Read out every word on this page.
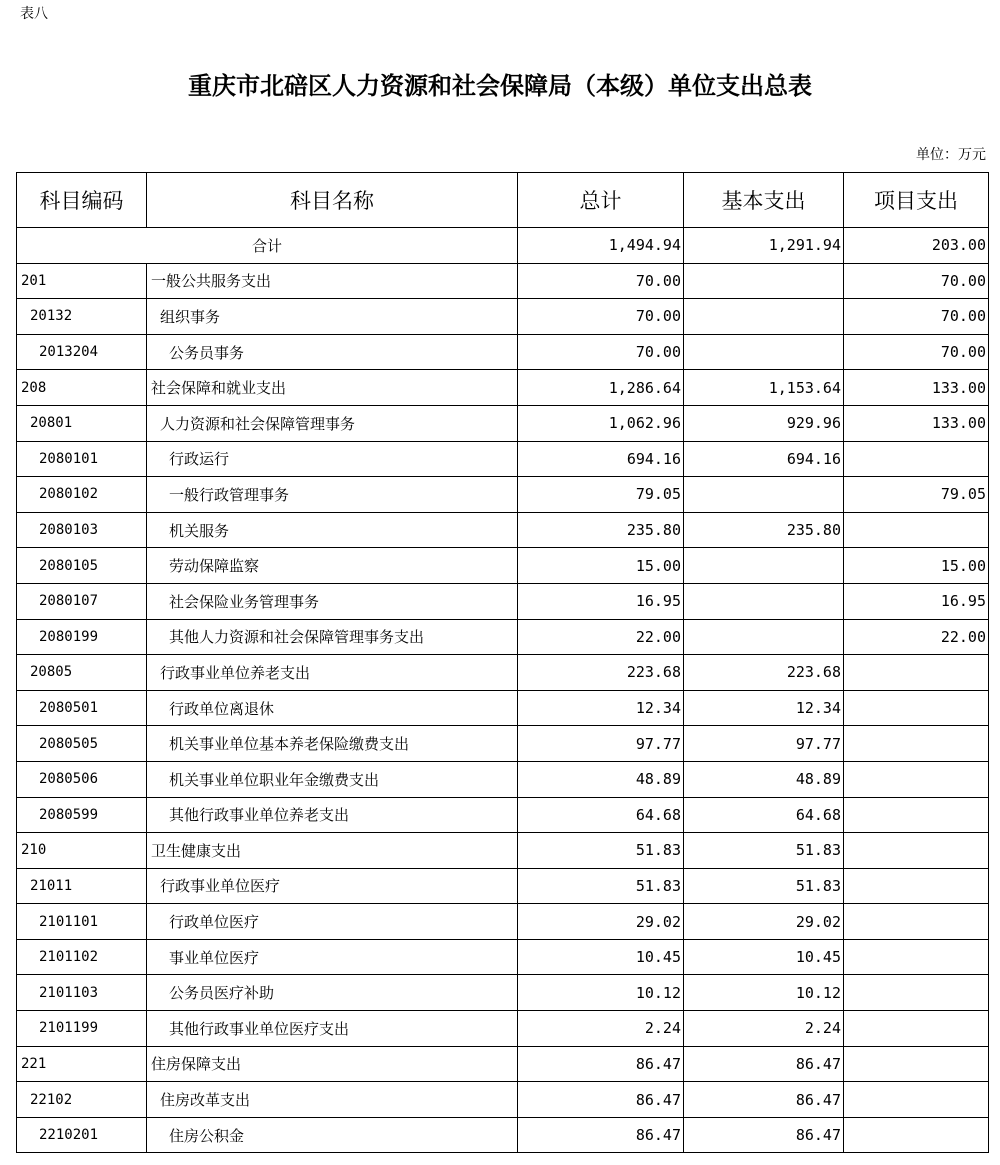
表八
重庆市北碚区人力资源和社会保障局（本级）单位支出总表
单位：万元
科目编码	科目名称	总计	基本支出	项目支出
合计		1,494.94	1,291.94	203.00
201	一般公共服务支出	70.00		70.00
20132	组织事务	70.00		70.00
2013204	公务员事务	70.00		70.00
208	社会保障和就业支出	1,286.64	1,153.64	133.00
20801	人力资源和社会保障管理事务	1,062.96	929.96	133.00
2080101	行政运行	694.16	694.16	
2080102	一般行政管理事务	79.05		79.05
2080103	机关服务	235.80	235.80	
2080105	劳动保障监察	15.00		15.00
2080107	社会保险业务管理事务	16.95		16.95
2080199	其他人力资源和社会保障管理事务支出	22.00		22.00
20805	行政事业单位养老支出	223.68	223.68	
2080501	行政单位离退休	12.34	12.34	
2080505	机关事业单位基本养老保险缴费支出	97.77	97.77	
2080506	机关事业单位职业年金缴费支出	48.89	48.89	
2080599	其他行政事业单位养老支出	64.68	64.68	
210	卫生健康支出	51.83	51.83	
21011	行政事业单位医疗	51.83	51.83	
2101101	行政单位医疗	29.02	29.02	
2101102	事业单位医疗	10.45	10.45	
2101103	公务员医疗补助	10.12	10.12	
2101199	其他行政事业单位医疗支出	2.24	2.24	
221	住房保障支出	86.47	86.47	
22102	住房改革支出	86.47	86.47	
2210201	住房公积金	86.47	86.47	
